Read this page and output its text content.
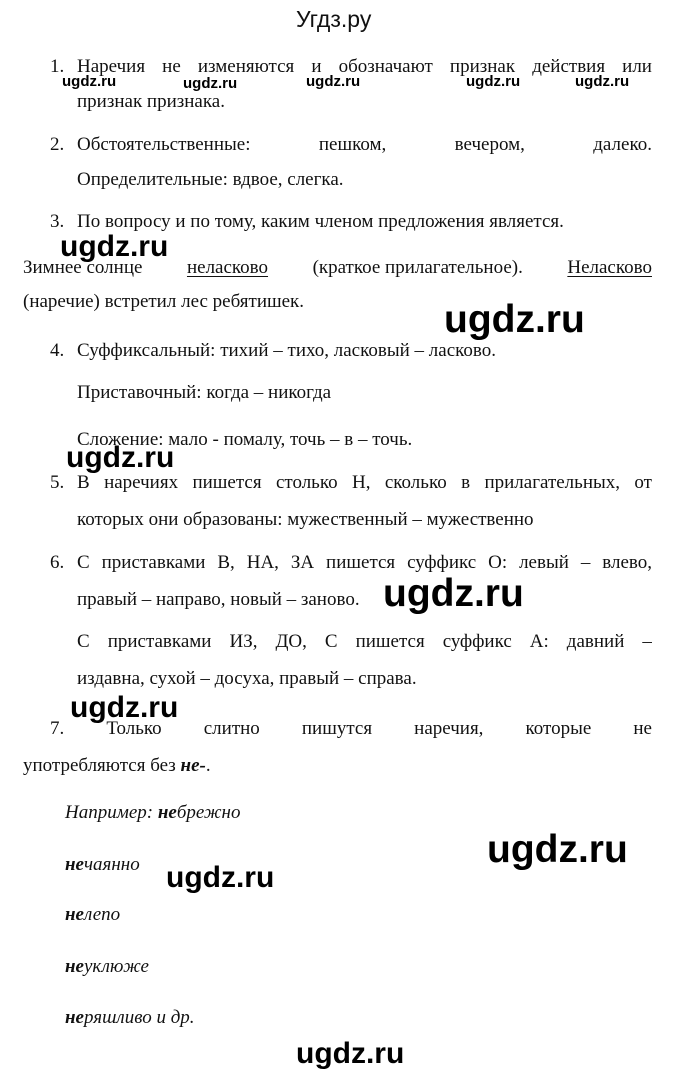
Угдз.ру
1. Наречия не изменяются и обозначают признак действия или
признак признака.
2. Обстоятельственные:	пешком,	вечером,	далеко.
Определительные: вдвое, слегка.
3. По вопросу и по тому, каким членом предложения является.
Зимнее солнце неласково (краткое прилагательное). Неласково
(наречие) встретил лес ребятишек.
4. Суффиксальный: тихий – тихо, ласковый – ласково.
Приставочный: когда – никогда
Сложение: мало - помалу, точь – в – точь.
5. В наречиях пишется столько Н, сколько в прилагательных, от
которых они образованы: мужественный – мужественно
6. С приставками В, НА, ЗА пишется суффикс О: левый – влево,
правый – направо, новый – заново.
С приставками ИЗ, ДО, С пишется суффикс А: давний –
издавна, сухой – досуха, правый – справа.
7. Только слитно пишутся наречия, которые не
употребляются без не-.
Например: небрежно
нечаянно
нелепо
неуклюже
неряшливо и др.
ugdz.ru	ugdz.ru	ugdz.ru	ugdz.ru	ugdz.ru
ugdz.ru
ugdz.ru
ugdz.ru
ugdz.ru
ugdz.ru
ugdz.ru
ugdz.ru
ugdz.ru
